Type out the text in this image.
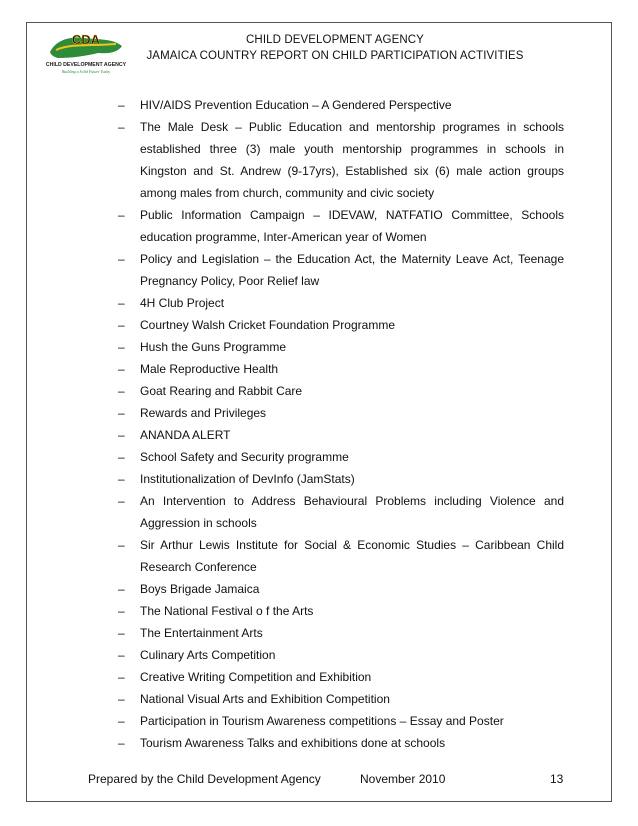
CDA
CHILD DEVELOPMENT AGENCY
Building a Solid Future Today
CHILD DEVELOPMENT AGENCY
JAMAICA COUNTRY REPORT ON CHILD PARTICIPATION ACTIVITIES
– HIV/AIDS Prevention Education – A Gendered Perspective
– The Male Desk – Public Education and mentorship programes in schools established three (3) male youth mentorship programmes in schools in Kingston and St. Andrew (9-17yrs), Established six (6) male action groups among males from church, community and civic society
– Public Information Campaign – IDEVAW, NATFATIO Committee, Schools education programme, Inter-American year of Women
– Policy and Legislation – the Education Act, the Maternity Leave Act, Teenage Pregnancy Policy, Poor Relief law
– 4H Club Project
– Courtney Walsh Cricket Foundation Programme
– Hush the Guns Programme
– Male Reproductive Health
– Goat Rearing and Rabbit Care
– Rewards and Privileges
– ANANDA ALERT
– School Safety and Security programme
– Institutionalization of DevInfo (JamStats)
– An Intervention to Address Behavioural Problems including Violence and Aggression in schools
– Sir Arthur Lewis Institute for Social & Economic Studies – Caribbean Child Research Conference
– Boys Brigade Jamaica
– The National Festival o f the Arts
– The Entertainment Arts
– Culinary Arts Competition
– Creative Writing Competition and Exhibition
– National Visual Arts and Exhibition Competition
– Participation in Tourism Awareness competitions – Essay and Poster
– Tourism Awareness Talks and exhibitions done at schools
Prepared by the Child Development Agency	November 2010	13
